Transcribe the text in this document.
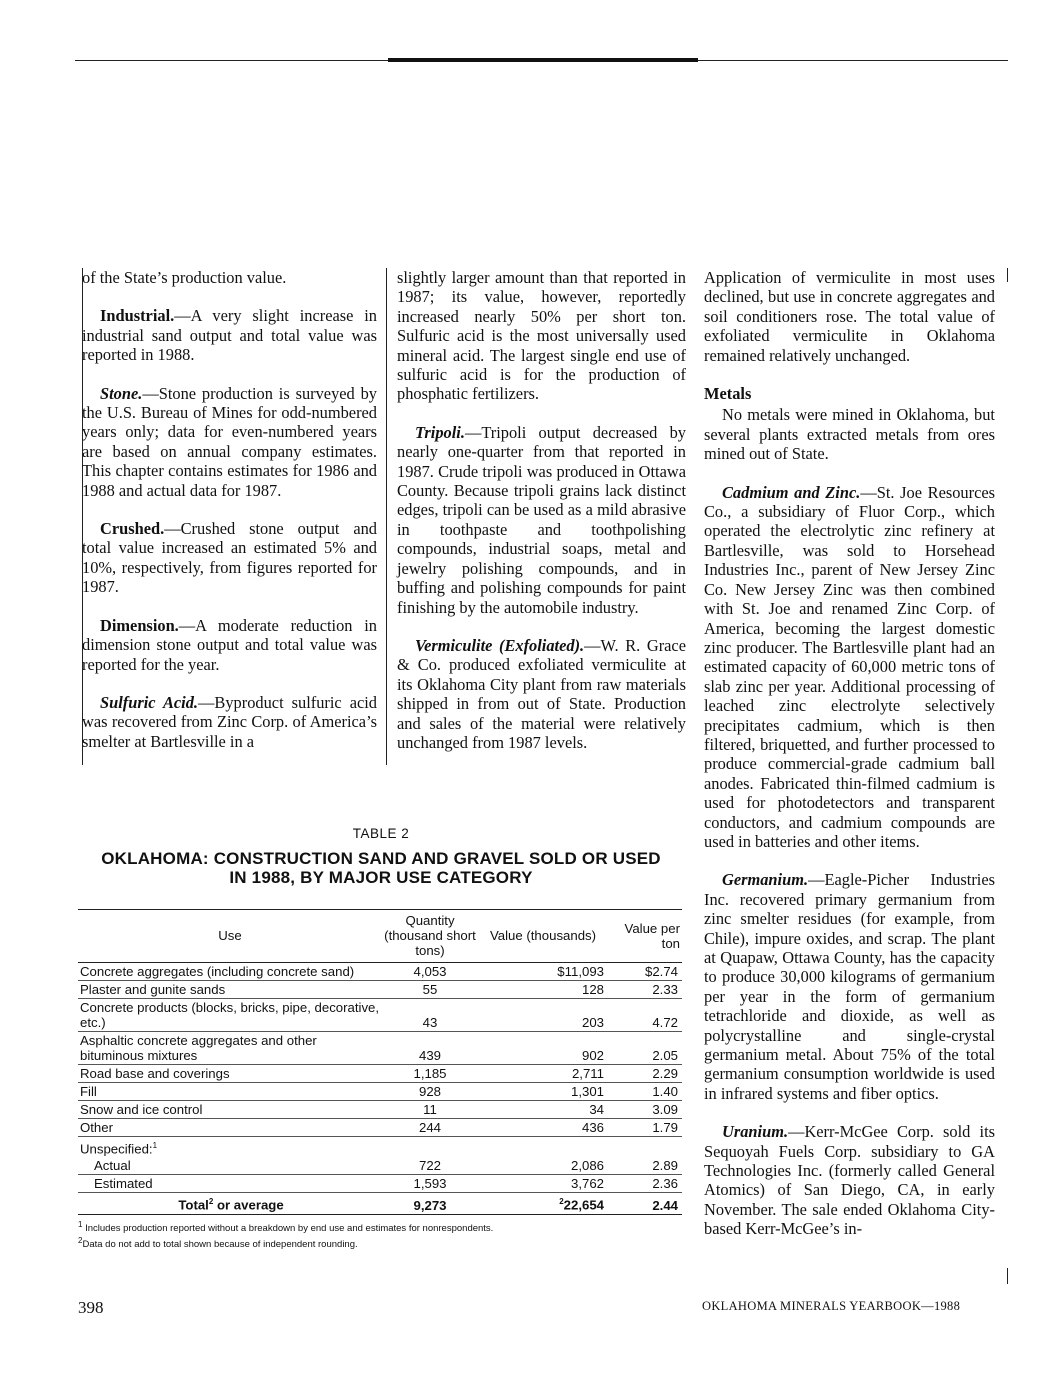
of the State’s production value.

Industrial.—A very slight increase in industrial sand output and total value was reported in 1988.

Stone.—Stone production is surveyed by the U.S. Bureau of Mines for odd-numbered years only; data for even-numbered years are based on annual company estimates. This chapter contains estimates for 1986 and 1988 and actual data for 1987.

Crushed.—Crushed stone output and total value increased an estimated 5% and 10%, respectively, from figures reported for 1987.

Dimension.—A moderate reduction in dimension stone output and total value was reported for the year.

Sulfuric Acid.—Byproduct sulfuric acid was recovered from Zinc Corp. of America’s smelter at Bartlesville in a

slightly larger amount than that reported in 1987; its value, however, reportedly increased nearly 50% per short ton. Sulfuric acid is the most universally used mineral acid. The largest single end use of sulfuric acid is for the production of phosphatic fertilizers.

Tripoli.—Tripoli output decreased by nearly one-quarter from that reported in 1987. Crude tripoli was produced in Ottawa County. Because tripoli grains lack distinct edges, tripoli can be used as a mild abrasive in toothpaste and toothpolishing compounds, industrial soaps, metal and jewelry polishing compounds, and in buffing and polishing compounds for paint finishing by the automobile industry.

Vermiculite (Exfoliated).—W. R. Grace & Co. produced exfoliated vermiculite at its Oklahoma City plant from raw materials shipped in from out of State. Production and sales of the material were relatively unchanged from 1987 levels.

Application of vermiculite in most uses declined, but use in concrete aggregates and soil conditioners rose. The total value of exfoliated vermiculite in Oklahoma remained relatively unchanged.

Metals

No metals were mined in Oklahoma, but several plants extracted metals from ores mined out of State.

Cadmium and Zinc.—St. Joe Resources Co., a subsidiary of Fluor Corp., which operated the electrolytic zinc refinery at Bartlesville, was sold to Horsehead Industries Inc., parent of New Jersey Zinc Co. New Jersey Zinc was then combined with St. Joe and renamed Zinc Corp. of America, becoming the largest domestic zinc producer. The Bartlesville plant had an estimated capacity of 60,000 metric tons of slab zinc per year. Additional processing of leached zinc electrolyte selectively precipitates cadmium, which is then filtered, briquetted, and further processed to produce commercial-grade cadmium ball anodes. Fabricated thin-filmed cadmium is used for photodetectors and transparent conductors, and cadmium compounds are used in batteries and other items.

Germanium.—Eagle-Picher Industries Inc. recovered primary germanium from zinc smelter residues (for example, from Chile), impure oxides, and scrap. The plant at Quapaw, Ottawa County, has the capacity to produce 30,000 kilograms of germanium per year in the form of germanium tetrachloride and dioxide, as well as polycrystalline and single-crystal germanium metal. About 75% of the total germanium consumption worldwide is used in infrared systems and fiber optics.

Uranium.—Kerr-McGee Corp. sold its Sequoyah Fuels Corp. subsidiary to GA Technologies Inc. (formerly called General Atomics) of San Diego, CA, in early November. The sale ended Oklahoma City-based Kerr-McGee’s in-

TABLE 2
OKLAHOMA: CONSTRUCTION SAND AND GRAVEL SOLD OR USED
IN 1988, BY MAJOR USE CATEGORY
Use	Quantity (thousand short tons)	Value (thousands)	Value per ton
Concrete aggregates (including concrete sand)	4,053	$11,093	$2.74
Plaster and gunite sands	55	128	2.33
Concrete products (blocks, bricks, pipe, decorative, etc.)	43	203	4.72
Asphaltic concrete aggregates and other bituminous mixtures	439	902	2.05
Road base and coverings	1,185	2,711	2.29
Fill	928	1,301	1.40
Snow and ice control	11	34	3.09
Other	244	436	1.79
Unspecified:$^1$			
Actual	722	2,086	2.89
Estimated	1,593	3,762	2.36
Total$^2$ or average	9,273	$^2$22,654	2.44
$^1$ Includes production reported without a breakdown by end use and estimates for nonrespondents.
$^2$Data do not add to total shown because of independent rounding.
398	OKLAHOMA MINERALS YEARBOOK—1988
